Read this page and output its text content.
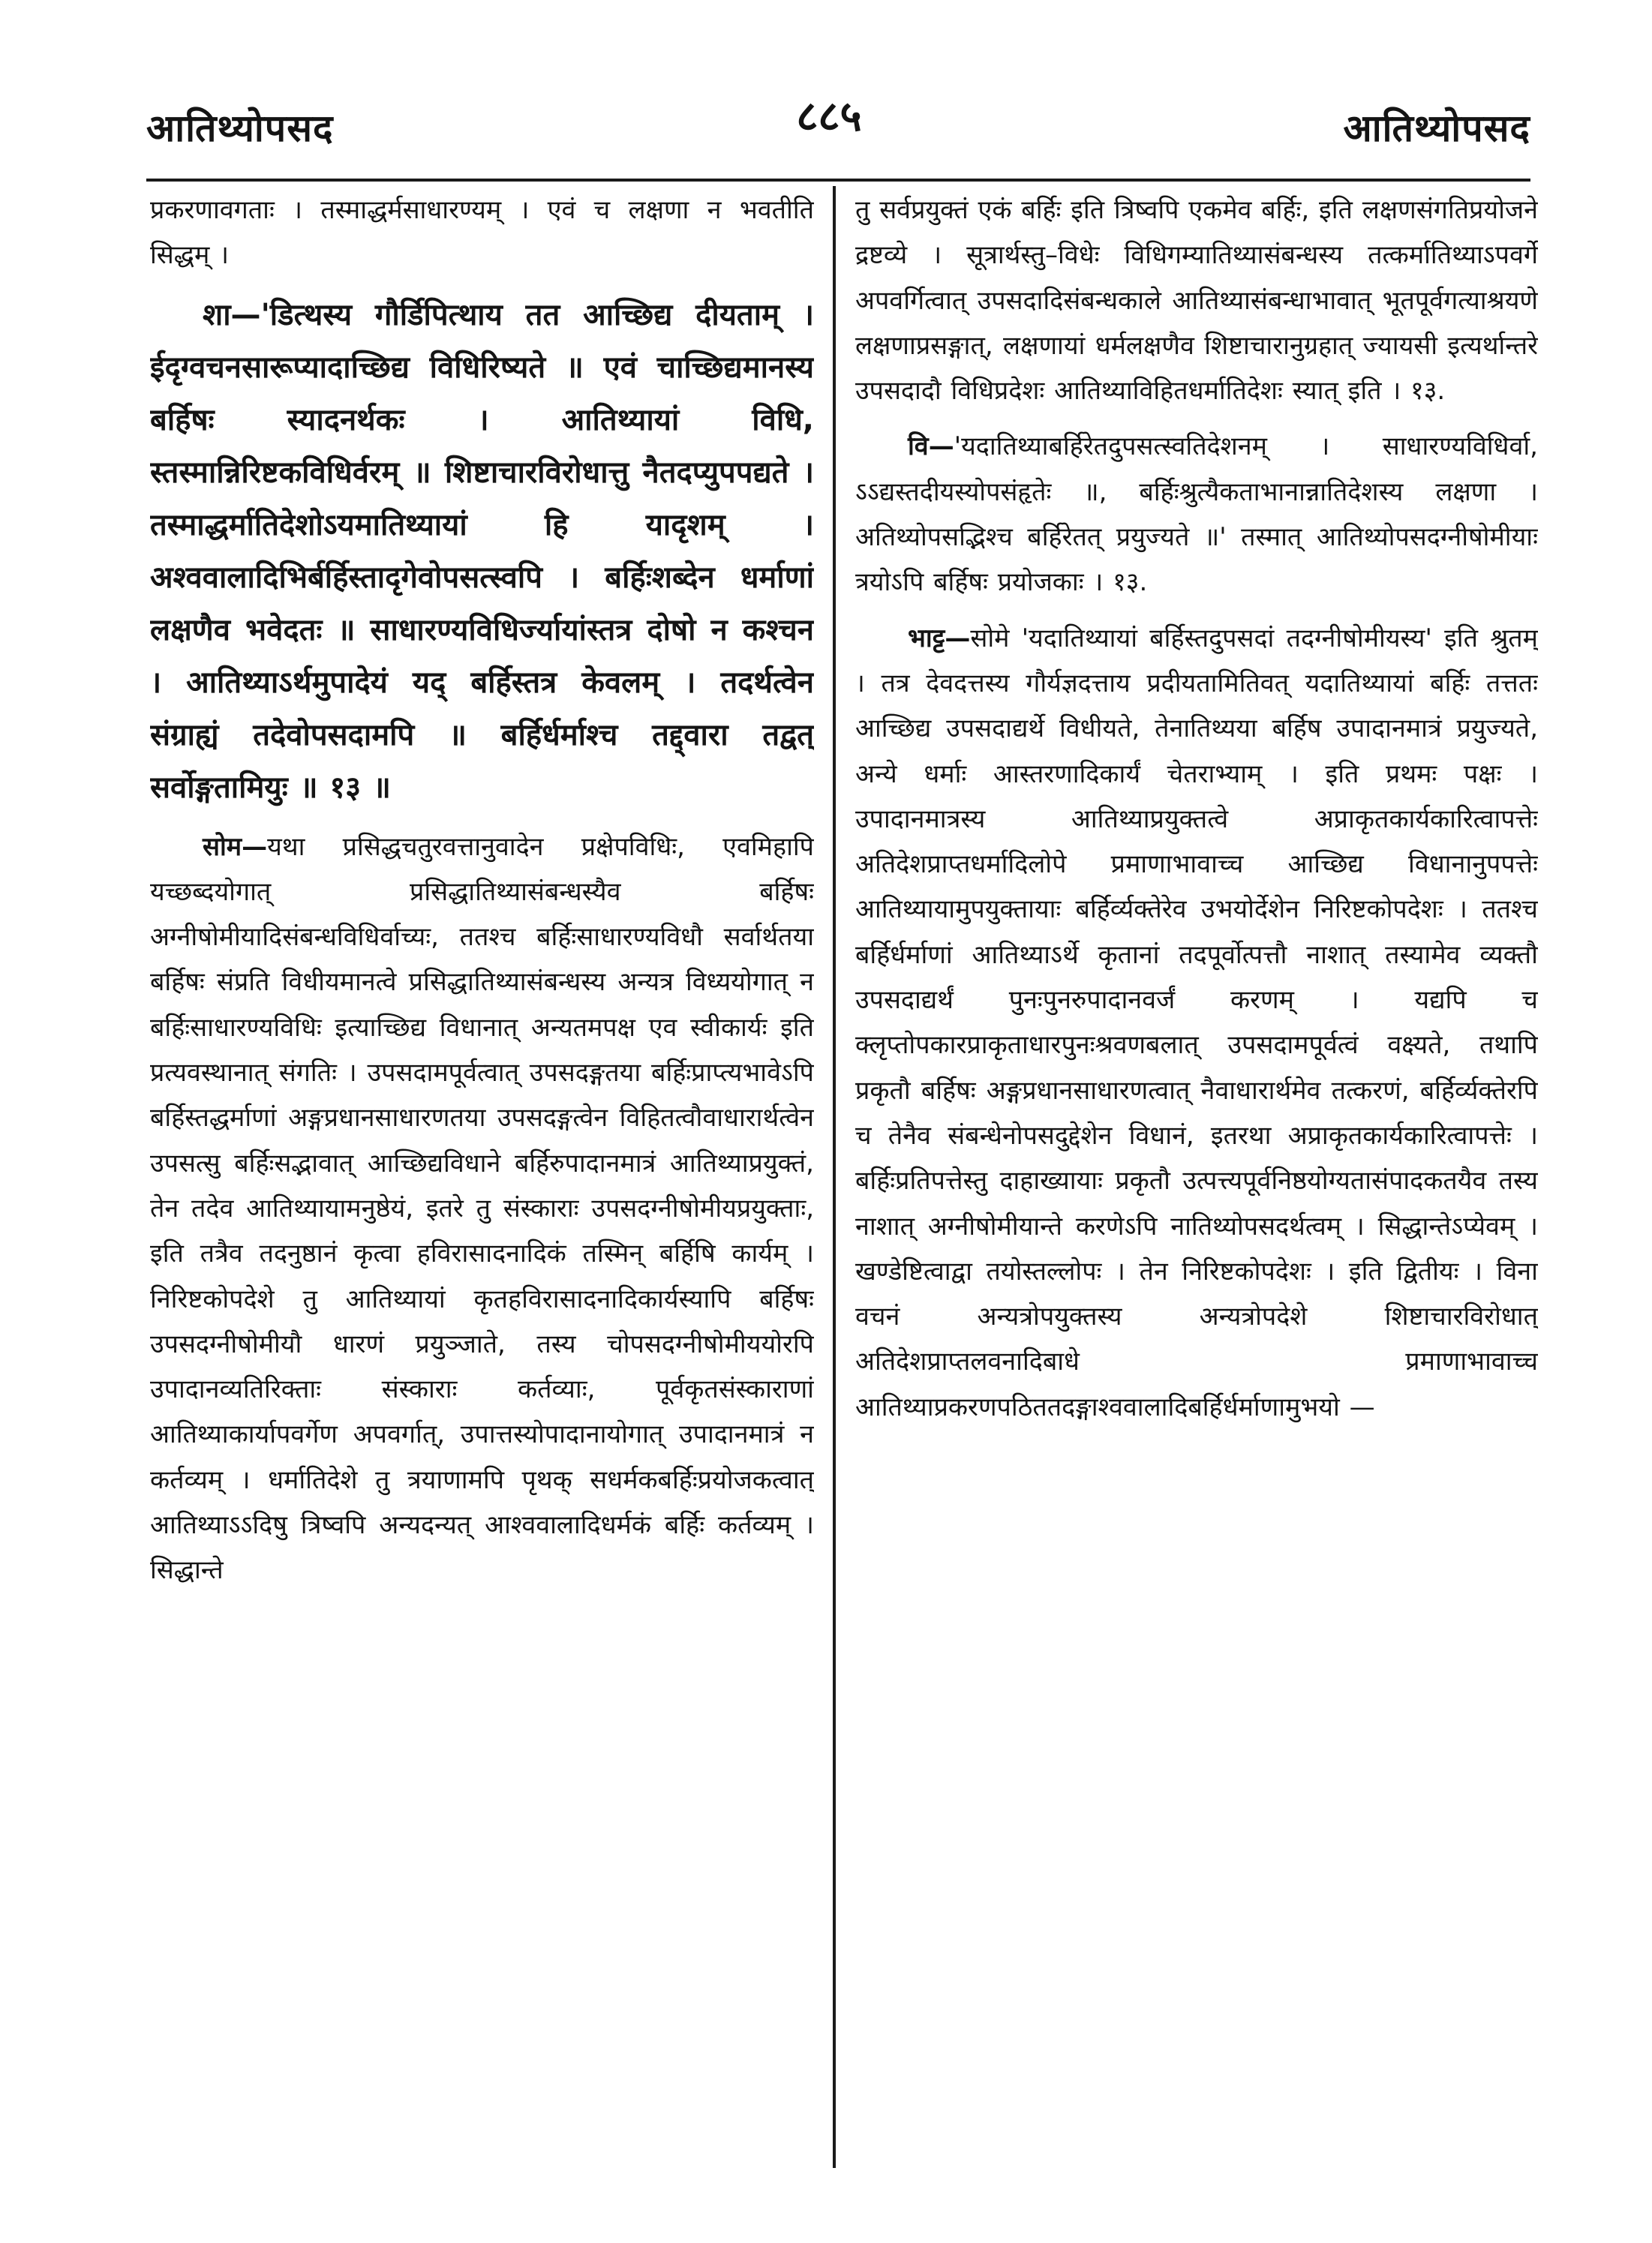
आतिथ्योपसद	८८५	आतिथ्योपसद

प्रकरणावगताः । तस्माद्धर्मसाधारण्यम् । एवं च लक्षणा न भवतीति सिद्धम् ।

शा—'डित्थस्य गौर्डिपित्थाय तत आच्छिद्य दीयताम् । ईदृग्वचनसारूप्यादाच्छिद्य विधिरिष्यते ॥ एवं चाच्छिद्यमानस्य बर्हिषः स्यादनर्थकः । आतिथ्यायां विधि, स्तस्मान्निरिष्टकविधिर्वरम् ॥ शिष्टाचारविरोधात्तु नैतदप्युपपद्यते । तस्माद्धर्मातिदेशोऽयमातिथ्यायां हि यादृशम् । अश्ववालादिभिर्बर्हिस्तादृगेवोपसत्स्वपि । बर्हिःशब्देन धर्माणां लक्षणैव भवेदतः ॥ साधारण्यविधिर्ज्यायांस्तत्र दोषो न कश्चन । आतिथ्याऽर्थमुपादेयं यद् बर्हिस्तत्र केवलम् । तदर्थत्वेन संग्राह्यं तदेवोपसदामपि ॥ बर्हिर्धर्माश्च तद्द्वारा तद्वत् सर्वोङ्गतामियुः ॥ १३ ॥

सोम—यथा प्रसिद्धचतुरवत्तानुवादेन प्रक्षेपविधिः, एवमिहापि यच्छब्दयोगात् प्रसिद्धातिथ्यासंबन्धस्यैव बर्हिषः अग्नीषोमीयादिसंबन्धविधिर्वाच्यः, ततश्च बर्हिःसाधारण्यविधौ सर्वार्थतया बर्हिषः संप्रति विधीयमानत्वे प्रसिद्धातिथ्यासंबन्धस्य अन्यत्र विध्ययोगात् न बर्हिःसाधारण्यविधिः इत्याच्छिद्य विधानात् अन्यतमपक्ष एव स्वीकार्यः इति प्रत्यवस्थानात् संगतिः । उपसदामपूर्वत्वात् उपसदङ्गतया बर्हिःप्राप्त्यभावेऽपि बर्हिस्तद्धर्माणां अङ्गप्रधानसाधारणतया उपसदङ्गत्वेन विहितत्वौवाधारार्थत्वेन उपसत्सु बर्हिःसद्भावात् आच्छिद्यविधाने बर्हिरुपादानमात्रं आतिथ्याप्रयुक्तं, तेन तदेव आतिथ्यायामनुष्ठेयं, इतरे तु संस्काराः उपसदग्नीषोमीयप्रयुक्ताः, इति तत्रैव तदनुष्ठानं कृत्वा हविरासादनादिकं तस्मिन् बर्हिषि कार्यम् । निरिष्टकोपदेशे तु आतिथ्यायां कृतहविरासादनादिकार्यस्यापि बर्हिषः उपसदग्नीषोमीयौ धारणं प्रयुञ्जाते, तस्य चोपसदग्नीषोमीययोरपि उपादानव्यतिरिक्ताः संस्काराः कर्तव्याः, पूर्वकृतसंस्काराणां आतिथ्याकार्यापवर्गेण अपवर्गात्, उपात्तस्योपादानायोगात् उपादानमात्रं न कर्तव्यम् । धर्मातिदेशे तु त्रयाणामपि पृथक् सधर्मकबर्हिःप्रयोजकत्वात् आतिथ्याऽऽदिषु त्रिष्वपि अन्यदन्यत् आश्ववालादिधर्मकं बर्हिः कर्तव्यम् । सिद्धान्ते

तु सर्वप्रयुक्तं एकं बर्हिः इति त्रिष्वपि एकमेव बर्हिः, इति लक्षणसंगतिप्रयोजने द्रष्टव्ये । सूत्रार्थस्तु–विधेः विधिगम्यातिथ्यासंबन्धस्य तत्कर्मातिथ्याऽपवर्गे अपवर्गित्वात् उपसदादिसंबन्धकाले आतिथ्यासंबन्धाभावात् भूतपूर्वगत्याश्रयणे लक्षणाप्रसङ्गात्, लक्षणायां धर्मलक्षणैव शिष्टाचारानुग्रहात् ज्यायसी इत्यर्थान्तरे उपसदादौ विधिप्रदेशः आतिथ्याविहितधर्मातिदेशः स्यात् इति । १३.

वि—'यदातिथ्याबर्हिरेतदुपसत्स्वतिदेशनम् । साधारण्यविधिर्वा, ऽऽद्यस्तदीयस्योपसंहृतेः ॥, बर्हिःश्रुत्यैकताभानान्नातिदेशस्य लक्षणा । अतिथ्योपसद्भिश्च बर्हिरेतत् प्रयुज्यते ॥' तस्मात् आतिथ्योपसदग्नीषोमीयाः त्रयोऽपि बर्हिषः प्रयोजकाः । १३.

भाट्ट—सोमे 'यदातिथ्यायां बर्हिस्तदुपसदां तदग्नीषोमीयस्य' इति श्रुतम् । तत्र देवदत्तस्य गौर्यज्ञदत्ताय प्रदीयतामितिवत् यदातिथ्यायां बर्हिः तत्ततः आच्छिद्य उपसदाद्यर्थे विधीयते, तेनातिथ्यया बर्हिष उपादानमात्रं प्रयुज्यते, अन्ये धर्माः आस्तरणादिकार्यं चेतराभ्याम् । इति प्रथमः पक्षः । उपादानमात्रस्य आतिथ्याप्रयुक्तत्वे अप्राकृतकार्यकारित्वापत्तेः अतिदेशप्राप्तधर्मादिलोपे प्रमाणाभावाच्च आच्छिद्य विधानानुपपत्तेः आतिथ्यायामुपयुक्तायाः बर्हिर्व्यक्तेरेव उभयोर्देशेन निरिष्टकोपदेशः । ततश्च बर्हिर्धर्माणां आतिथ्याऽर्थे कृतानां तदपूर्वोत्पत्तौ नाशात् तस्यामेव व्यक्तौ उपसदाद्यर्थं पुनःपुनरुपादानवर्जं करणम् । यद्यपि च क्लृप्तोपकारप्राकृताधारपुनःश्रवणबलात् उपसदामपूर्वत्वं वक्ष्यते, तथापि प्रकृतौ बर्हिषः अङ्गप्रधानसाधारणत्वात् नैवाधारार्थमेव तत्करणं, बर्हिर्व्यक्तेरपि च तेनैव संबन्धेनोपसदुद्देशेन विधानं, इतरथा अप्राकृतकार्यकारित्वापत्तेः । बर्हिःप्रतिपत्तेस्तु दाहाख्यायाः प्रकृतौ उत्पत्त्यपूर्वनिष्ठयोग्यतासंपादकतयैव तस्य नाशात् अग्नीषोमीयान्ते करणेऽपि नातिथ्योपसदर्थत्वम् । सिद्धान्तेऽप्येवम् । खण्डेष्टित्वाद्वा तयोस्तल्लोपः । तेन निरिष्टकोपदेशः । इति द्वितीयः । विना वचनं अन्यत्रोपयुक्तस्य अन्यत्रोपदेशे शिष्टाचारविरोधात् अतिदेशप्राप्तलवनादिबाधे प्रमाणाभावाच्च आतिथ्याप्रकरणपठिततदङ्गाश्ववालादिबर्हिर्धर्माणामुभयो —
